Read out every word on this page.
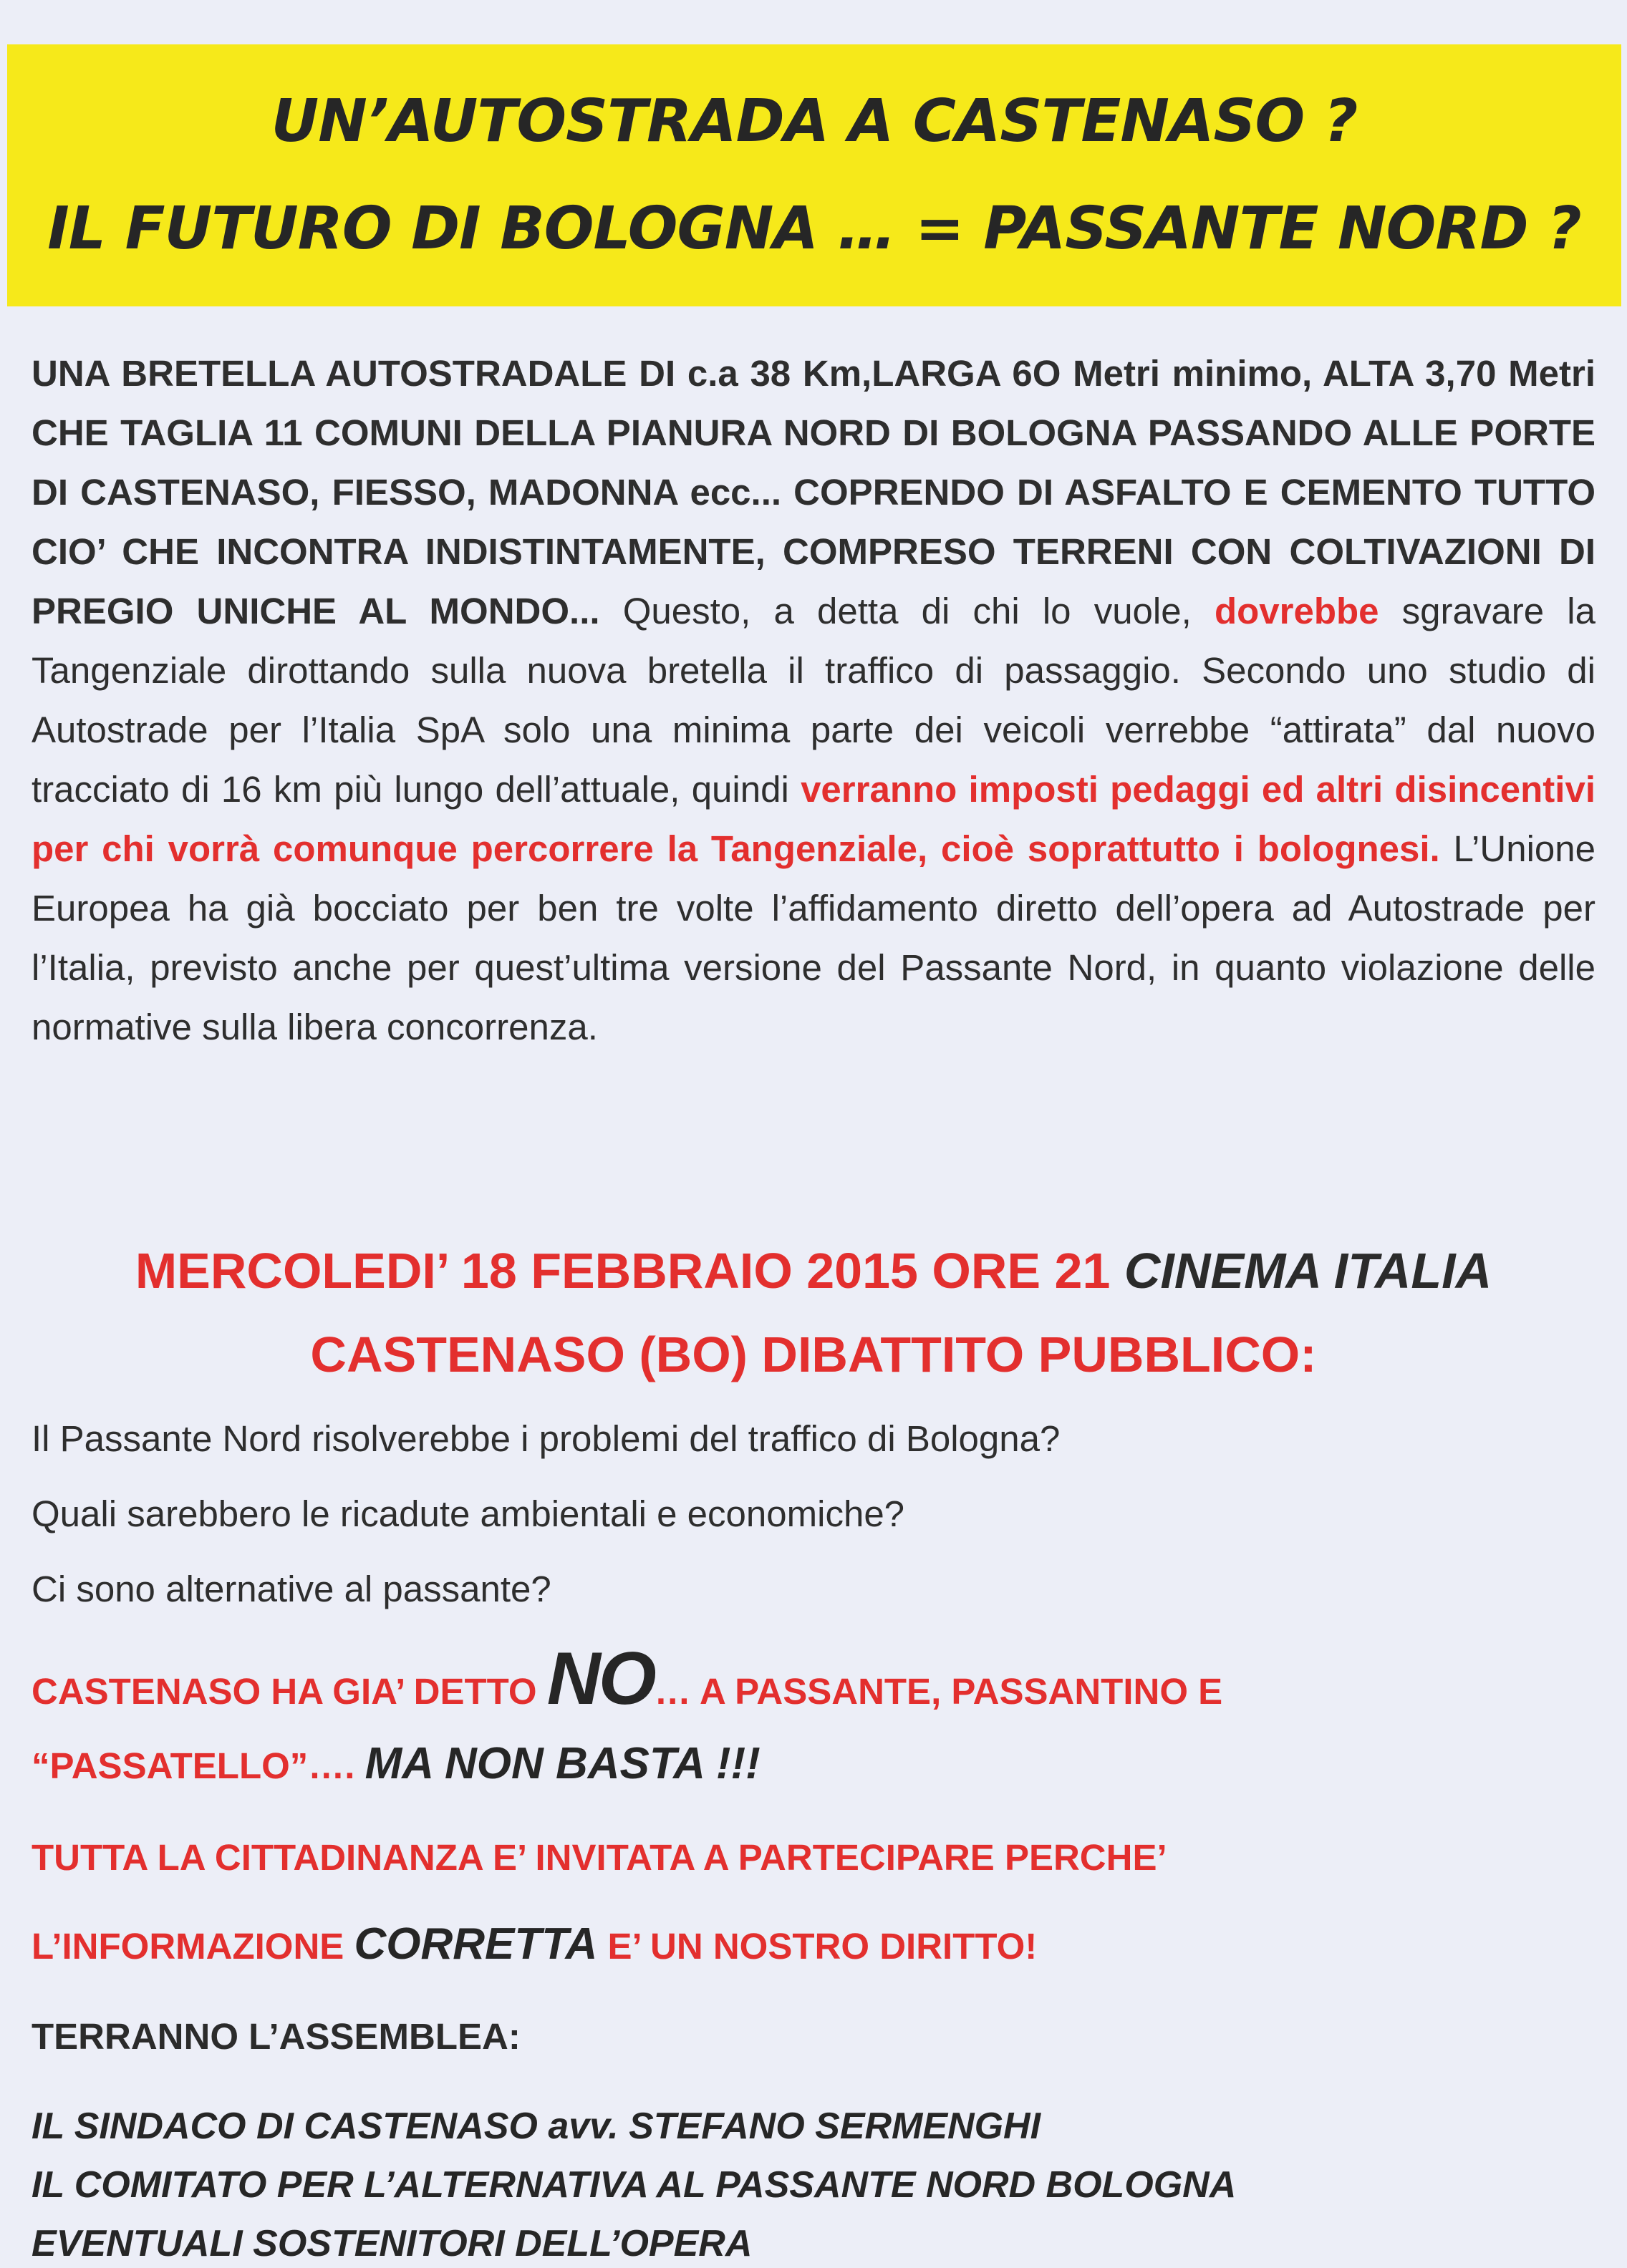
UN’AUTOSTRADA A CASTENASO ?
IL FUTURO DI BOLOGNA … = PASSANTE NORD ?
UNA BRETELLA AUTOSTRADALE DI c.a 38 Km,LARGA 6O Metri minimo, ALTA 3,70 Metri CHE TAGLIA 11 COMUNI DELLA PIANURA NORD DI BOLOGNA PASSANDO ALLE PORTE DI CASTENASO, FIESSO, MADONNA ecc... COPRENDO DI ASFALTO E CEMENTO TUTTO CIO’ CHE INCONTRA INDISTINTAMENTE, COMPRESO TERRENI CON COLTIVAZIONI DI PREGIO UNICHE AL MONDO... Questo, a detta di chi lo vuole, dovrebbe sgravare la Tangenziale dirottando sulla nuova bretella il traffico di passaggio. Secondo uno studio di Autostrade per l’Italia SpA solo una minima parte dei veicoli verrebbe “attirata” dal nuovo tracciato di 16 km più lungo dell’attuale, quindi verranno imposti pedaggi ed altri disincentivi per chi vorrà comunque percorrere la Tangenziale, cioè soprattutto i bolognesi. L’Unione Europea ha già bocciato per ben tre volte l’affidamento diretto dell’opera ad Autostrade per l’Italia, previsto anche per quest’ultima versione del Passante Nord, in quanto violazione delle normative sulla libera concorrenza.
MERCOLEDI’ 18 FEBBRAIO 2015 ORE 21 CINEMA ITALIA
CASTENASO (BO) DIBATTITO PUBBLICO:
Il Passante Nord risolverebbe i problemi del traffico di Bologna?
Quali sarebbero le ricadute ambientali e economiche?
Ci sono alternative al passante?
CASTENASO HA GIA’ DETTO NO… A PASSANTE, PASSANTINO E
“PASSATELLO”…. MA NON BASTA !!!
TUTTA LA CITTADINANZA E’ INVITATA A PARTECIPARE PERCHE’
L’INFORMAZIONE CORRETTA E’ UN NOSTRO DIRITTO!
TERRANNO L’ASSEMBLEA:
IL SINDACO DI CASTENASO avv. STEFANO SERMENGHI
IL COMITATO PER L’ALTERNATIVA AL PASSANTE NORD BOLOGNA
EVENTUALI SOSTENITORI DELL’OPERA
